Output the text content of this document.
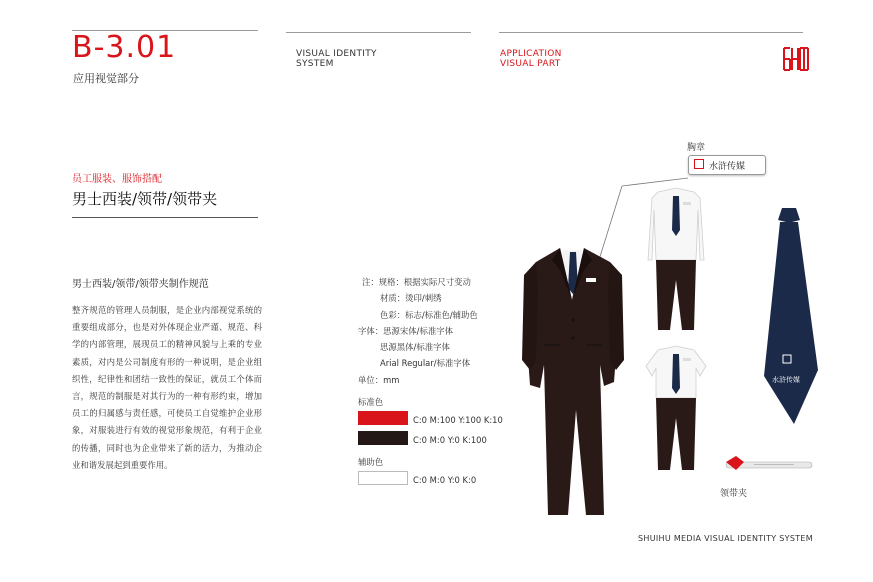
B-3.01
应用视觉部分
VISUAL IDENTITY
SYSTEM
APPLICATION
VISUAL PART
员工服装、服饰搭配
男士西装/领带/领带夹
男士西装/领带/领带夹制作规范
整齐规范的管理人员制服，是企业内部视觉系统的重要组成部分，也是对外体现企业严谨、规范、科学的内部管理，展现员工的精神风貌与上乘的专业素质，对内是公司制度有形的一种说明，是企业组织性，纪律性和团结一致性的保证，就员工个体而言，规范的制服是对其行为的一种有形约束，增加员工的归属感与责任感，可使员工自觉维护企业形象，对服装进行有效的视觉形象规范，有利于企业的传播，同时也为企业带来了新的活力，为推动企业和谐发展起到重要作用。
注：规格：根据实际尺寸变动
材质：烫印/刺绣
色彩：标志/标准色/辅助色
字体：思源宋体/标准字体
思源黑体/标准字体
Arial Regular/标准字体
单位：mm
标准色
C:0 M:100 Y:100 K:10
C:0 M:0 Y:0 K:100
辅助色
C:0 M:0 Y:0 K:0
胸章
水浒传媒
水浒传媒
领带夹
SHUIHU MEDIA VISUAL IDENTITY SYSTEM
